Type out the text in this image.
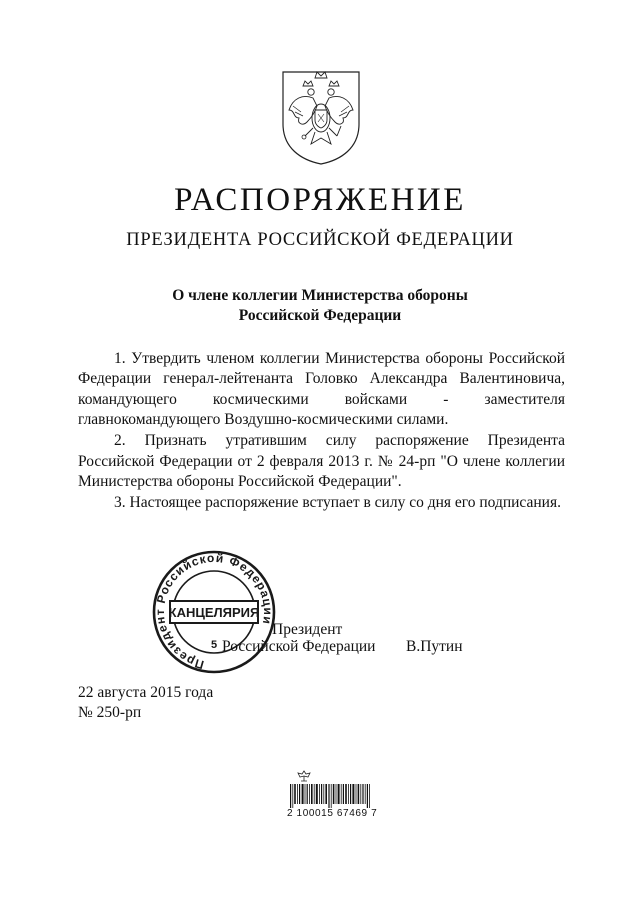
РАСПОРЯЖЕНИЕ
ПРЕЗИДЕНТА РОССИЙСКОЙ ФЕДЕРАЦИИ
О члене коллегии Министерства обороны
Российской Федерации

1. Утвердить членом коллегии Министерства обороны Российской Федерации генерал-лейтенанта Головко Александра Валентиновича, командующего космическими войсками - заместителя главнокомандующего Воздушно-космическими силами.

2. Признать утратившим силу распоряжение Президента Российской Федерации от 2 февраля 2013 г. № 24-рп "О члене коллегии Министерства обороны Российской Федерации".

3. Настоящее распоряжение вступает в силу со дня его подписания.

Президент Российской Федерации
КАНЦЕЛЯРИЯ
5
Президент
Российской Федерации В.Путин
22 августа 2015 года
№ 250-рп
2 100015 67469 7
